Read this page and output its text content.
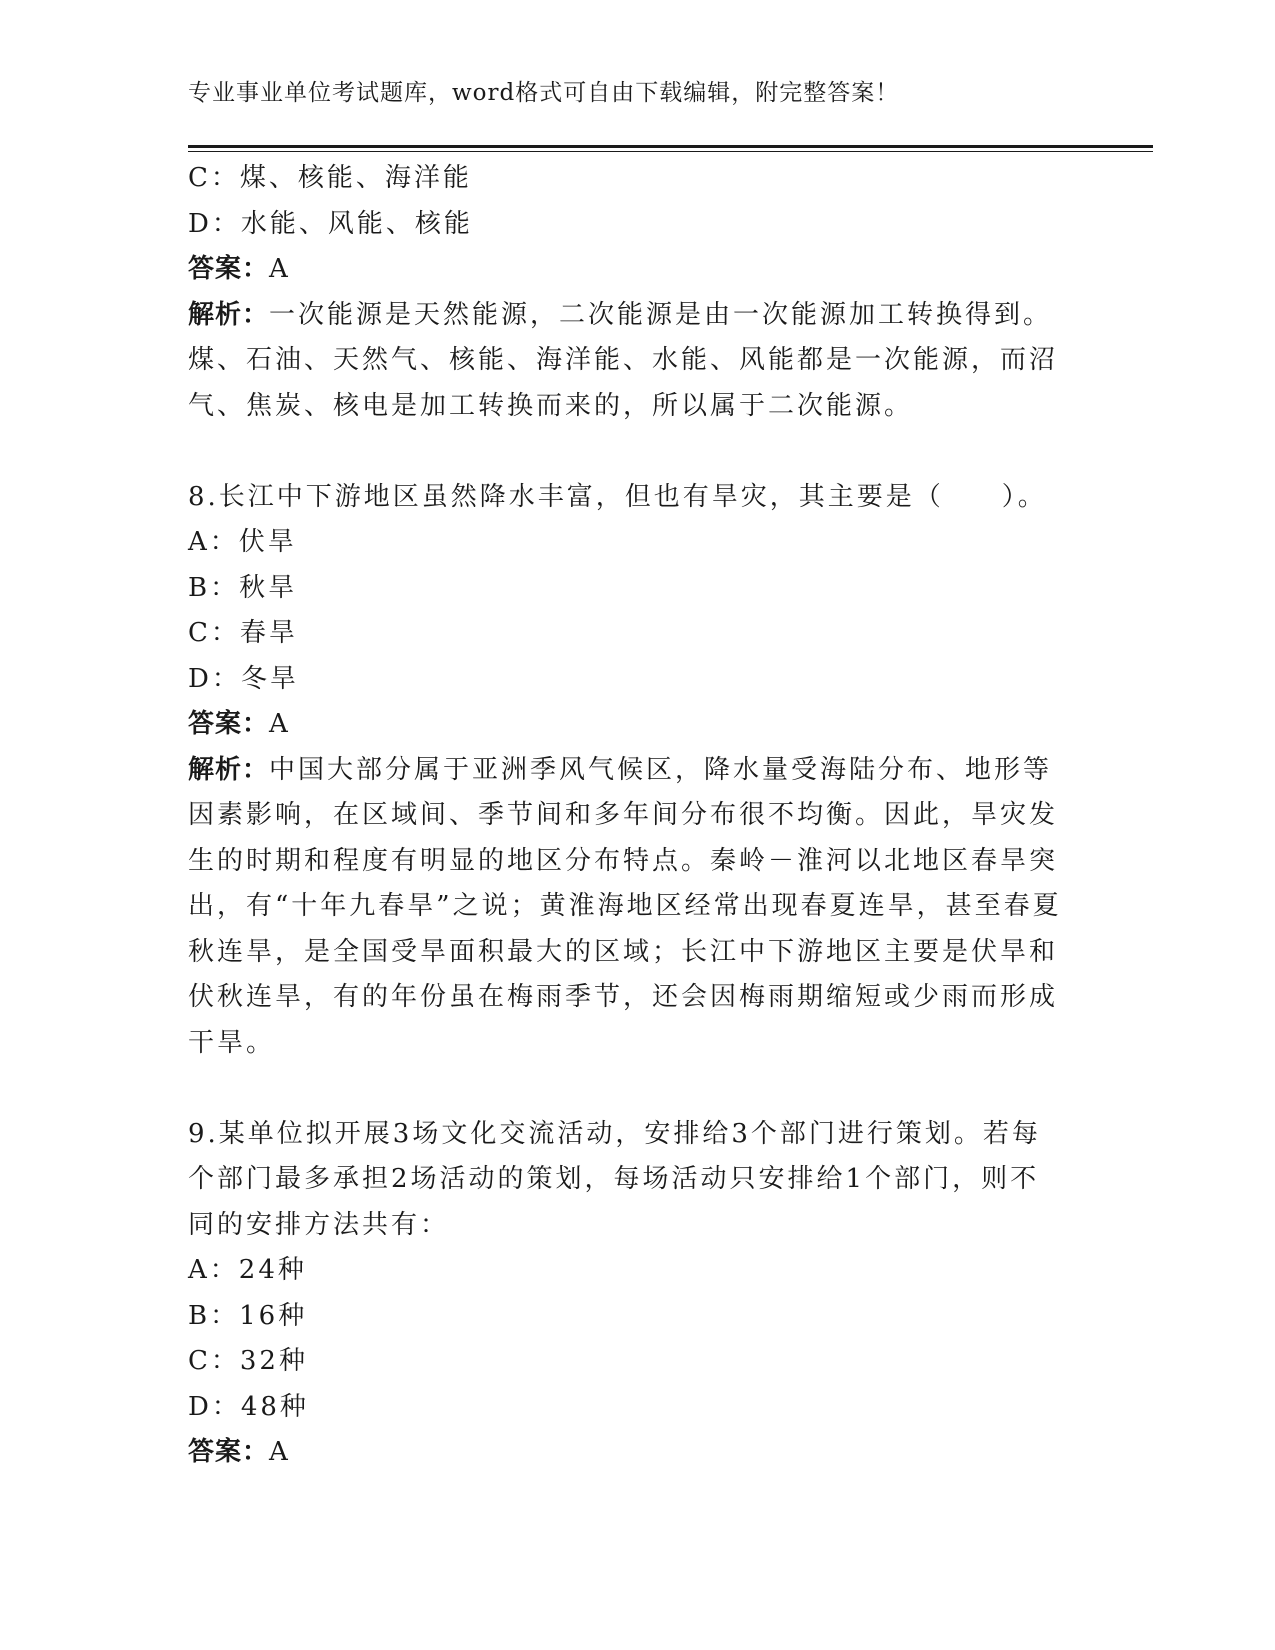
专业事业单位考试题库，word格式可自由下载编辑，附完整答案！
C：煤、核能、海洋能
D：水能、风能、核能
答案：A
解析：一次能源是天然能源，二次能源是由一次能源加工转换得到。煤、石油、天然气、核能、海洋能、水能、风能都是一次能源，而沼气、焦炭、核电是加工转换而来的，所以属于二次能源。
8.长江中下游地区虽然降水丰富，但也有旱灾，其主要是（　　）。
A：伏旱
B：秋旱
C：春旱
D：冬旱
答案：A
解析：中国大部分属于亚洲季风气候区，降水量受海陆分布、地形等因素影响，在区域间、季节间和多年间分布很不均衡。因此，旱灾发生的时期和程度有明显的地区分布特点。秦岭－淮河以北地区春旱突出，有“十年九春旱”之说；黄淮海地区经常出现春夏连旱，甚至春夏秋连旱，是全国受旱面积最大的区域；长江中下游地区主要是伏旱和伏秋连旱，有的年份虽在梅雨季节，还会因梅雨期缩短或少雨而形成干旱。
9.某单位拟开展3场文化交流活动，安排给3个部门进行策划。若每个部门最多承担2场活动的策划，每场活动只安排给1个部门，则不同的安排方法共有：
A：24种
B：16种
C：32种
D：48种
答案：A
